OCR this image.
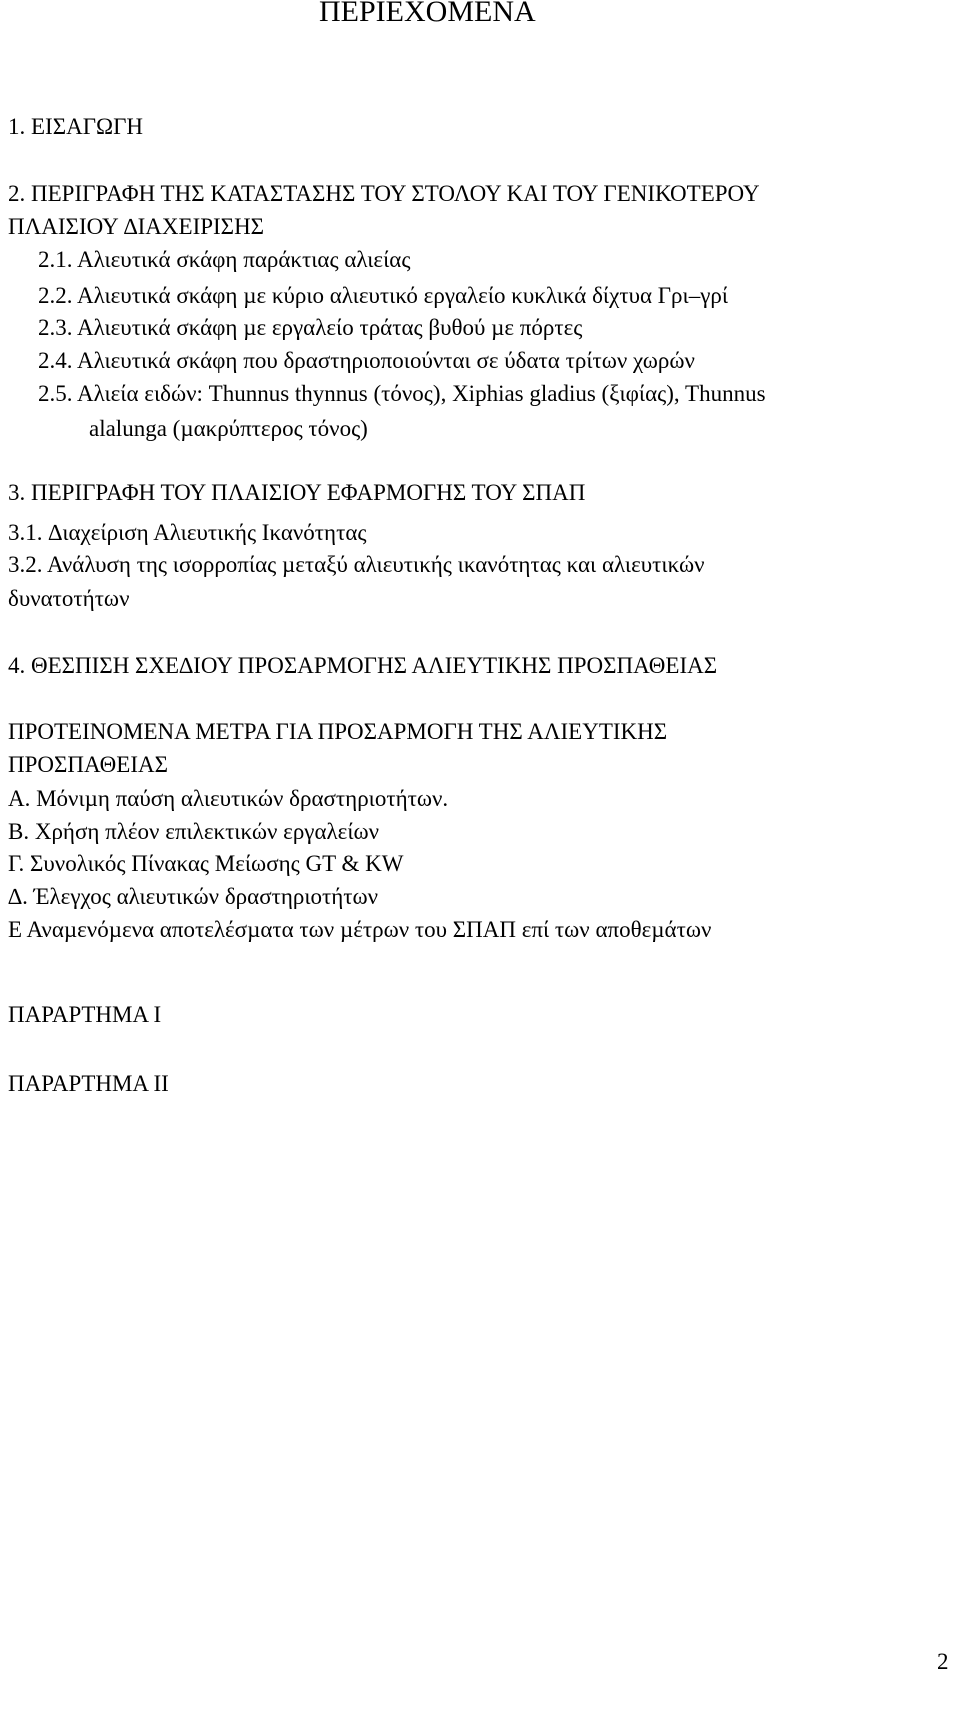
ΠΕΡΙΕΧΟΜΕΝΑ
1. ΕΙΣΑΓΩΓΗ
2. ΠΕΡΙΓΡΑΦΗ ΤΗΣ ΚΑΤΑΣΤΑΣΗΣ ΤΟΥ ΣΤΟΛΟΥ ΚΑΙ ΤΟΥ ΓΕΝΙΚΟΤΕΡΟΥ
ΠΛΑΙΣΙΟΥ ∆ΙΑΧΕΙΡΙΣΗΣ
2.1. Αλιευτικά σκάφη παράκτιας αλιείας
2.2. Αλιευτικά σκάφη µε κύριο αλιευτικό εργαλείο κυκλικά δίχτυα Γρι–γρί
2.3. Αλιευτικά σκάφη µε εργαλείο τράτας βυθού µε πόρτες
2.4. Αλιευτικά σκάφη που δραστηριοποιούνται σε ύδατα τρίτων χωρών
2.5. Αλιεία ειδών: Thunnus thynnus (τόνος), Xiphias gladius (ξιφίας), Thunnus
alalunga (µακρύπτερος τόνος)
3. ΠΕΡΙΓΡΑΦΗ ΤΟΥ ΠΛΑΙΣΙΟΥ ΕΦΑΡΜΟΓΗΣ ΤΟΥ ΣΠΑΠ
3.1. ∆ιαχείριση Αλιευτικής Ικανότητας
3.2. Ανάλυση της ισορροπίας µεταξύ αλιευτικής ικανότητας και αλιευτικών
δυνατοτήτων
4. ΘΕΣΠΙΣΗ ΣΧΕ∆ΙΟΥ ΠΡΟΣΑΡΜΟΓΗΣ ΑΛΙΕΥΤΙΚΗΣ ΠΡΟΣΠΑΘΕΙΑΣ
ΠΡΟΤΕΙΝΟΜΕΝΑ ΜΕΤΡΑ ΓΙΑ ΠΡΟΣΑΡΜΟΓΗ ΤΗΣ ΑΛΙΕΥΤΙΚΗΣ
ΠΡΟΣΠΑΘΕΙΑΣ
Α. Μόνιµη παύση αλιευτικών δραστηριοτήτων.
Β. Χρήση πλέον επιλεκτικών εργαλείων
Γ. Συνολικός Πίνακας Μείωσης GT & KW
∆. Έλεγχος αλιευτικών δραστηριοτήτων
Ε Αναµενόµενα αποτελέσµατα των µέτρων του ΣΠΑΠ επί των αποθεµάτων
ΠΑΡΑΡΤΗΜΑ Ι
ΠΑΡΑΡΤΗΜΑ ΙΙ
2
